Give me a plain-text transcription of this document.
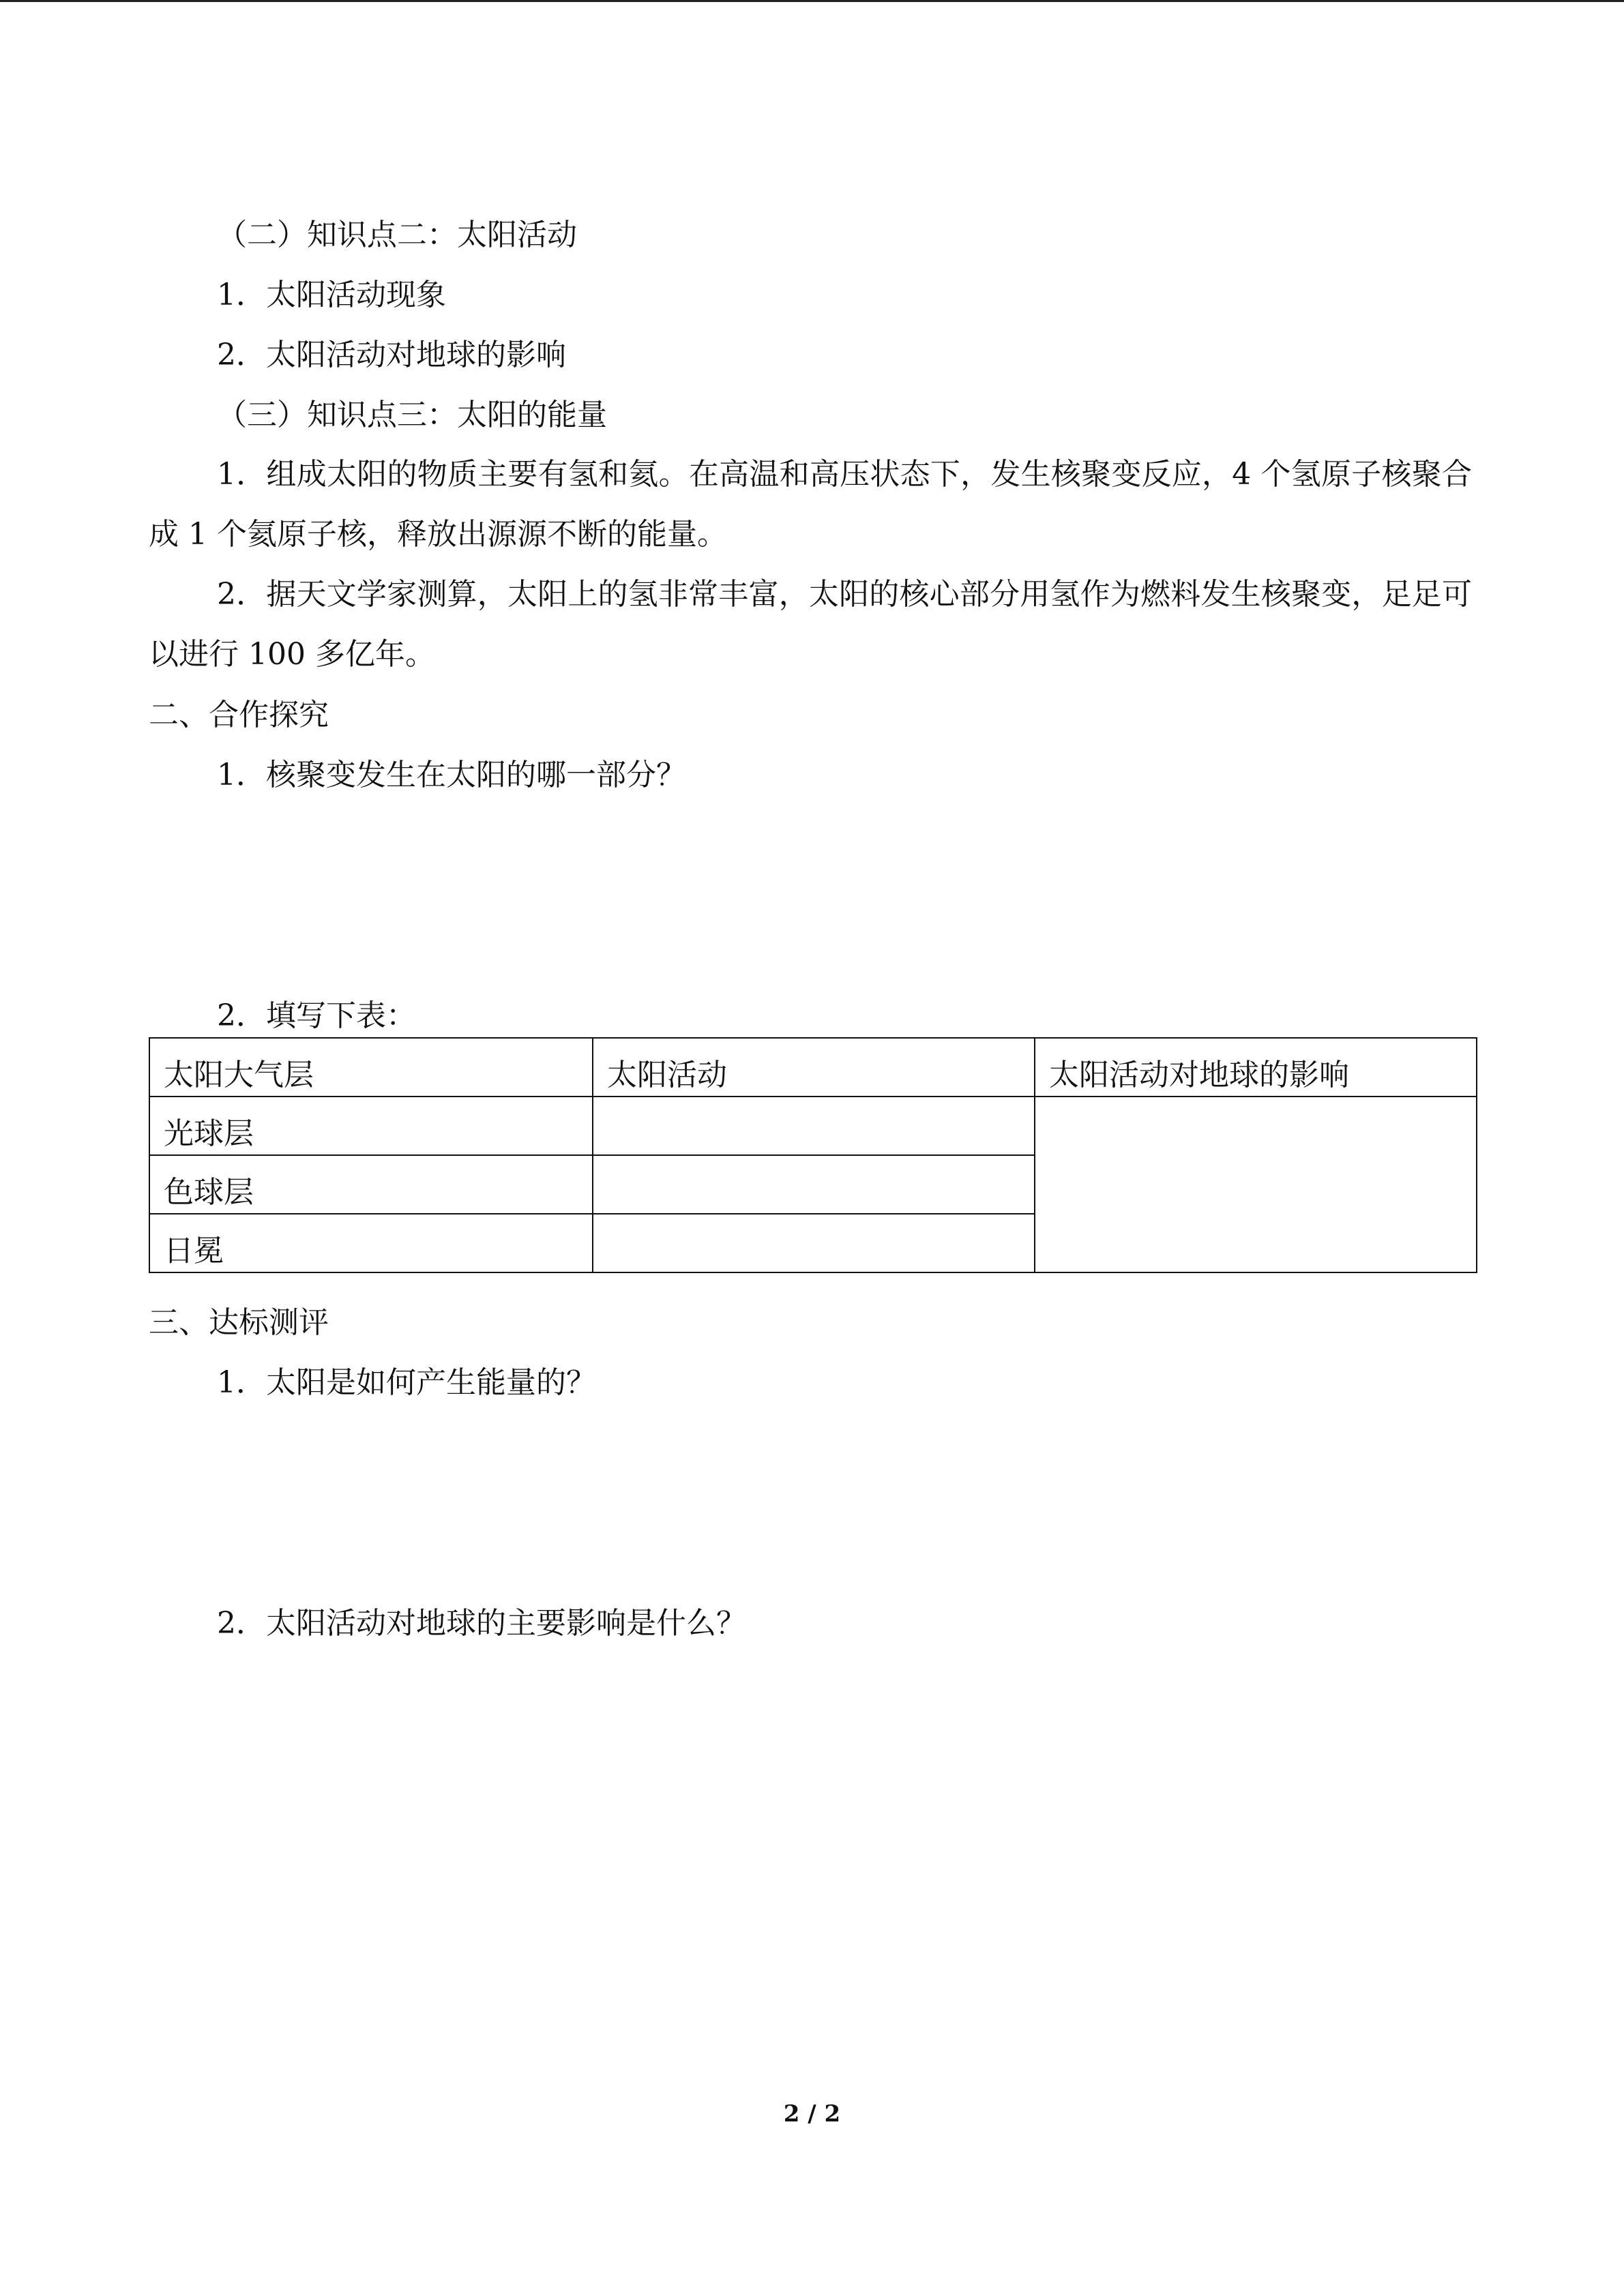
（二）知识点二：太阳活动

1．太阳活动现象

2．太阳活动对地球的影响

（三）知识点三：太阳的能量

1．组成太阳的物质主要有氢和氦。在高温和高压状态下，发生核聚变反应，4 个氢原子核聚合成 1 个氦原子核，释放出源源不断的能量。

2．据天文学家测算，太阳上的氢非常丰富，太阳的核心部分用氢作为燃料发生核聚变，足足可以进行 100 多亿年。

二、合作探究

1．核聚变发生在太阳的哪一部分？

2．填写下表：

太阳大气层	太阳活动	太阳活动对地球的影响
光球层		
色球层		
日冕		

三、达标测评

1．太阳是如何产生能量的？

2．太阳活动对地球的主要影响是什么？

2 / 2
